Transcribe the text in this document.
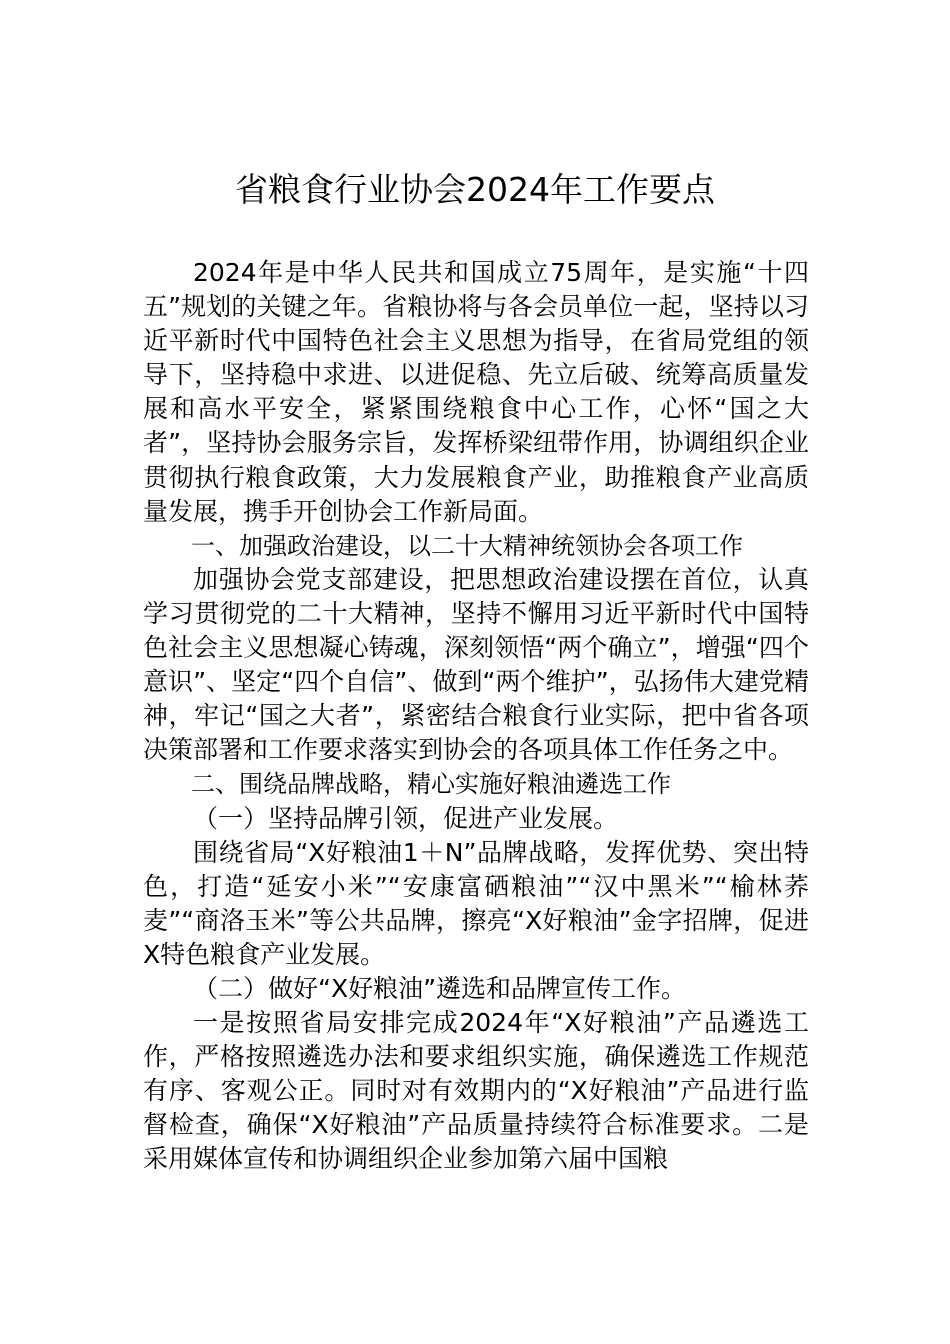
省粮食行业协会2024年工作要点

2024年是中华人民共和国成立75周年，是实施“十四五”规划的关键之年。省粮协将与各会员单位一起，坚持以习近平新时代中国特色社会主义思想为指导，在省局党组的领导下，坚持稳中求进、以进促稳、先立后破、统筹高质量发展和高水平安全，紧紧围绕粮食中心工作，心怀“国之大者”，坚持协会服务宗旨，发挥桥梁纽带作用，协调组织企业贯彻执行粮食政策，大力发展粮食产业，助推粮食产业高质量发展，携手开创协会工作新局面。

一、加强政治建设，以二十大精神统领协会各项工作

加强协会党支部建设，把思想政治建设摆在首位，认真学习贯彻党的二十大精神，坚持不懈用习近平新时代中国特色社会主义思想凝心铸魂，深刻领悟“两个确立”，增强“四个意识”、坚定“四个自信”、做到“两个维护”，弘扬伟大建党精神，牢记“国之大者”，紧密结合粮食行业实际，把中省各项决策部署和工作要求落实到协会的各项具体工作任务之中。

二、围绕品牌战略，精心实施好粮油遴选工作

（一）坚持品牌引领，促进产业发展。

围绕省局“X好粮油1＋N”品牌战略，发挥优势、突出特色，打造“延安小米”“安康富硒粮油”“汉中黑米”“榆林荞麦”“商洛玉米”等公共品牌，擦亮“X好粮油”金字招牌，促进X特色粮食产业发展。

（二）做好“X好粮油”遴选和品牌宣传工作。

一是按照省局安排完成2024年“X好粮油”产品遴选工作，严格按照遴选办法和要求组织实施，确保遴选工作规范有序、客观公正。同时对有效期内的“X好粮油”产品进行监督检查，确保“X好粮油”产品质量持续符合标准要求。二是采用媒体宣传和协调组织企业参加第六届中国粮
